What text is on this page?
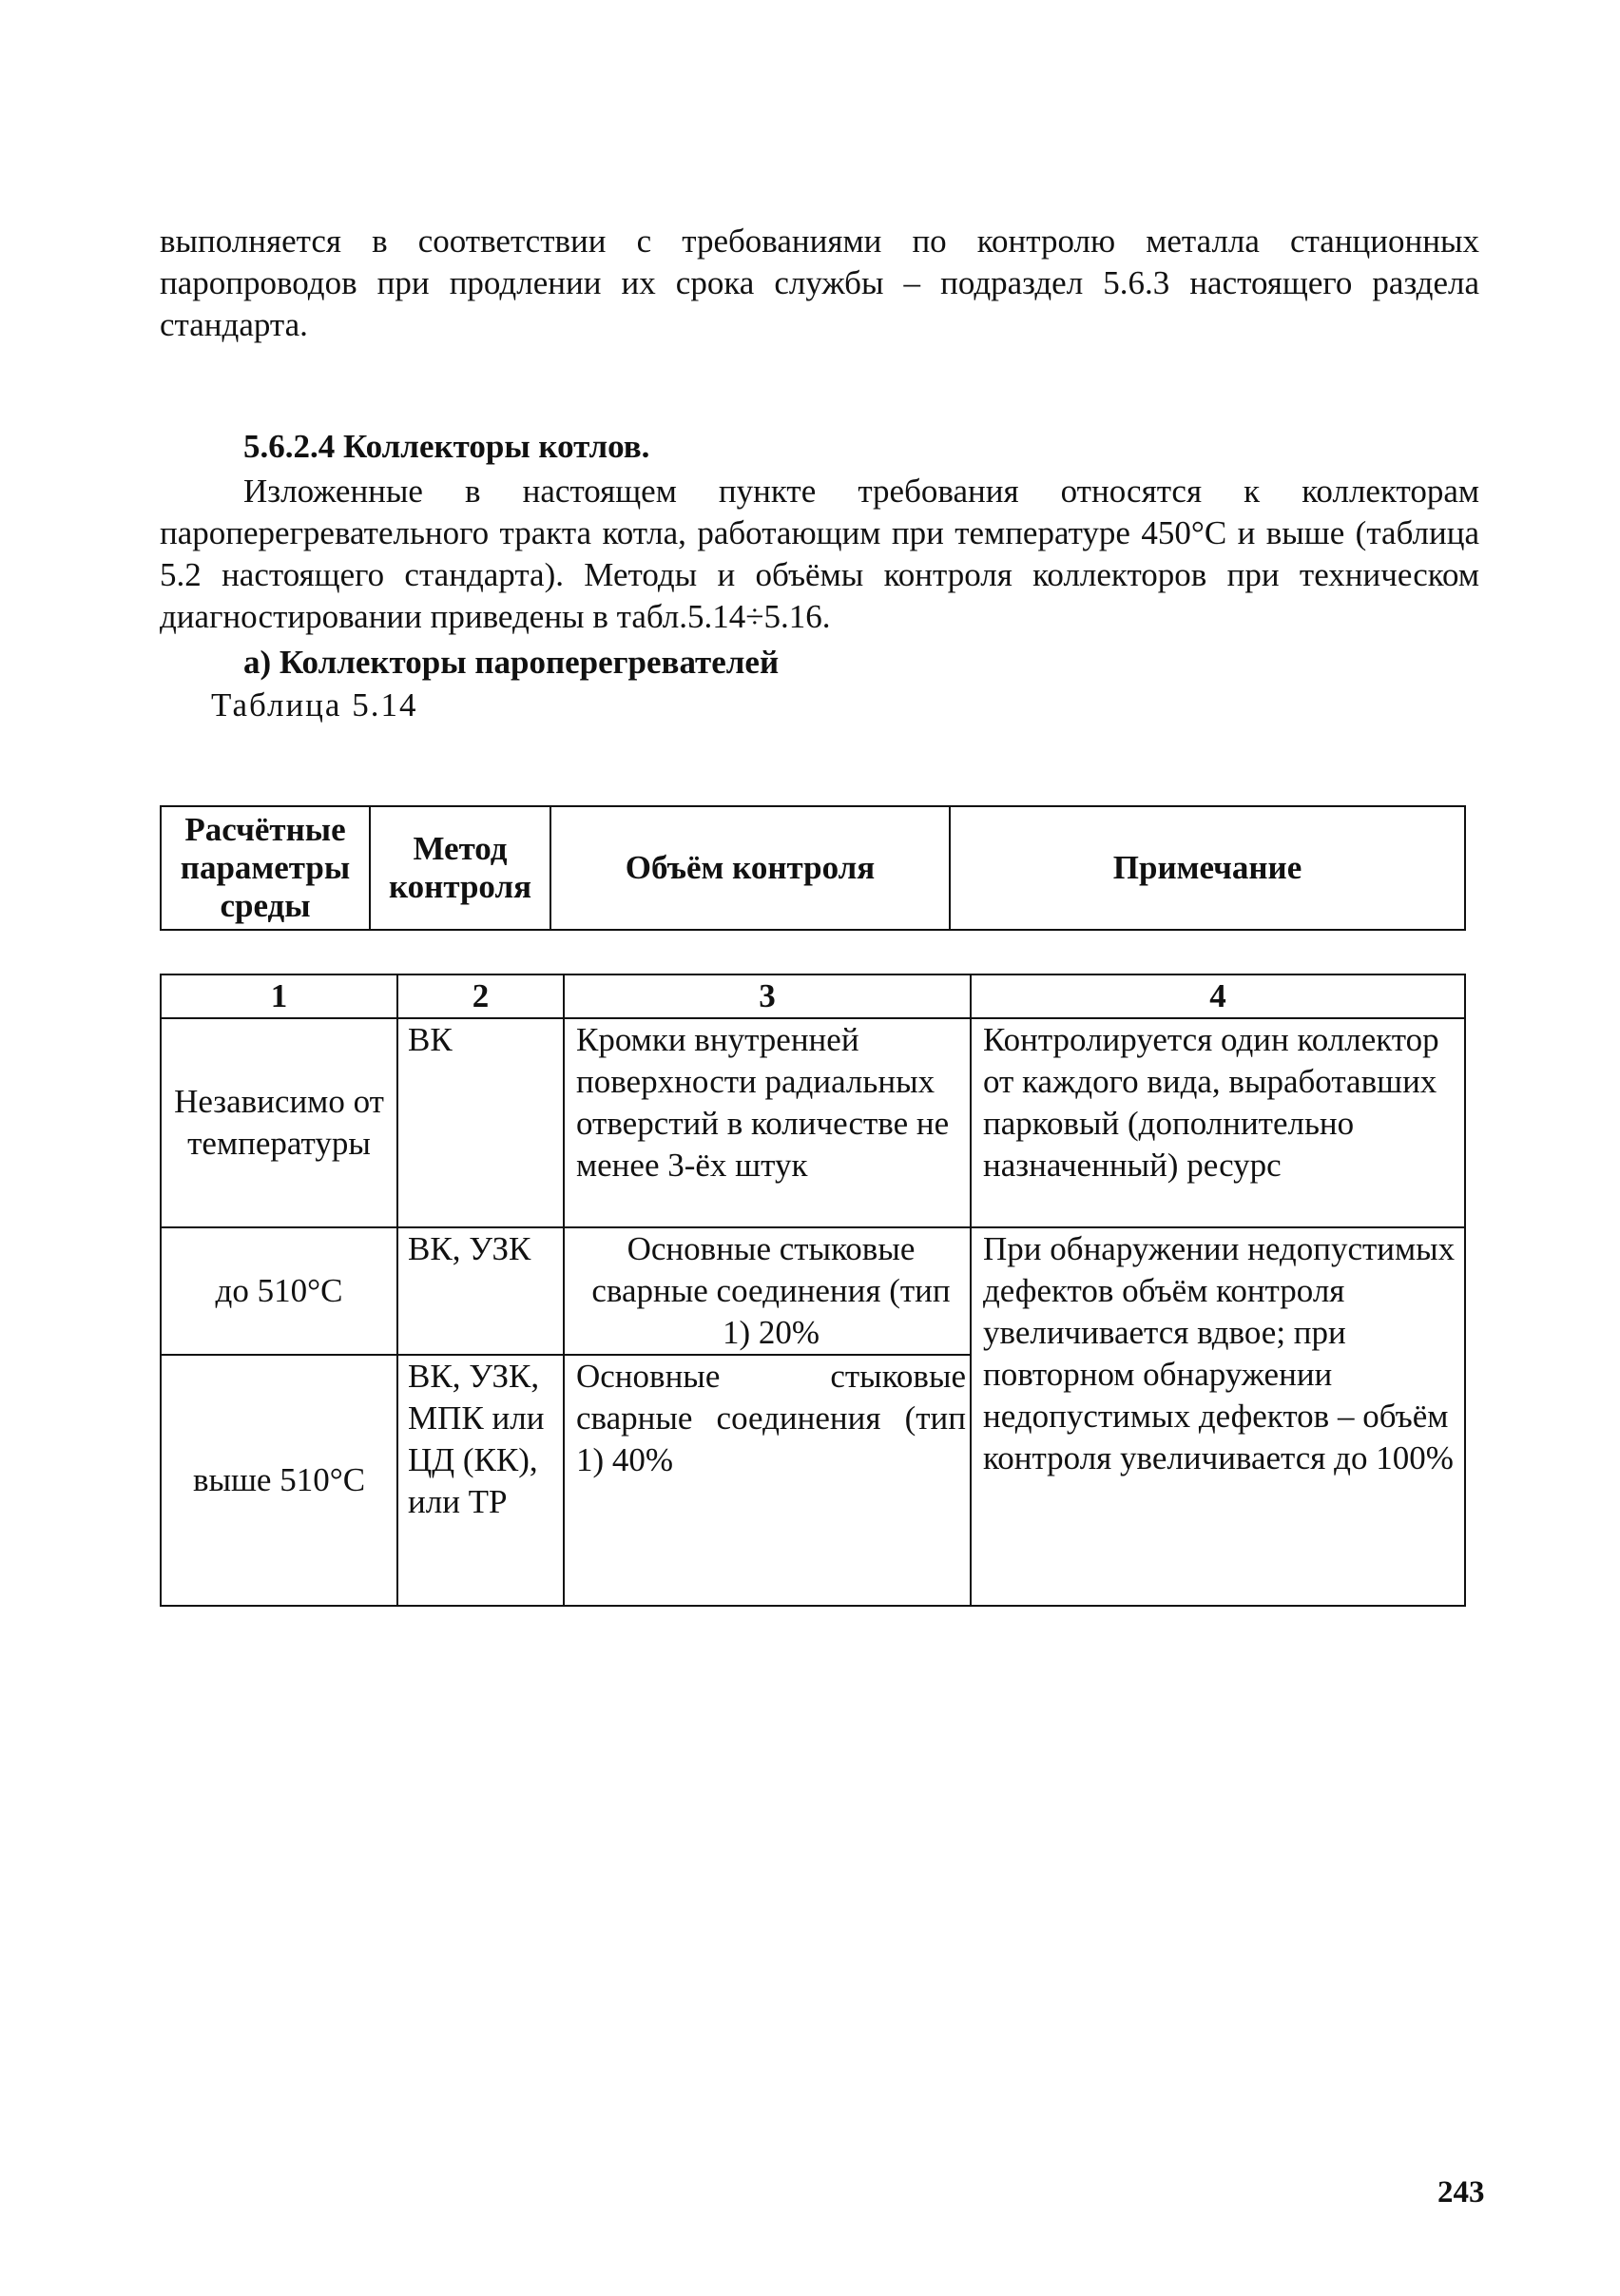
выполняется в соответствии с требованиями по контролю металла станционных паропроводов при продлении их срока службы – подраздел 5.6.3 настоящего раздела стандарта.
5.6.2.4 Коллекторы котлов.
Изложенные в настоящем пункте требования относятся к коллекторам пароперегревательного тракта котла, работающим при температуре 450°С и выше (таблица 5.2 настоящего стандарта). Методы и объёмы контроля коллекторов при техническом диагностировании приведены в табл.5.14÷5.16.
а) Коллекторы пароперегревателей
Таблица 5.14
Расчётные параметры среды	Метод контроля	Объём контроля	Примечание
1	2	3	4
Независимо от температуры	ВК	Кромки внутренней поверхности радиальных отверстий в количестве не менее 3-ёх штук	Контролируется один коллектор от каждого вида, выработавших парковый (дополнительно назначенный) ресурс
до 510°С	ВК, УЗК	Основные стыковые сварные соединения (тип 1) 20%	При обнаружении недопустимых дефектов объём контроля увеличивается вдвое; при повторном обнаружении недопустимых дефектов – объём контроля увеличивается до 100%
выше 510°С	ВК, УЗК, МПК или ЦД (КК), или ТР	Основные стыковые сварные соединения (тип 1) 40%	
243
